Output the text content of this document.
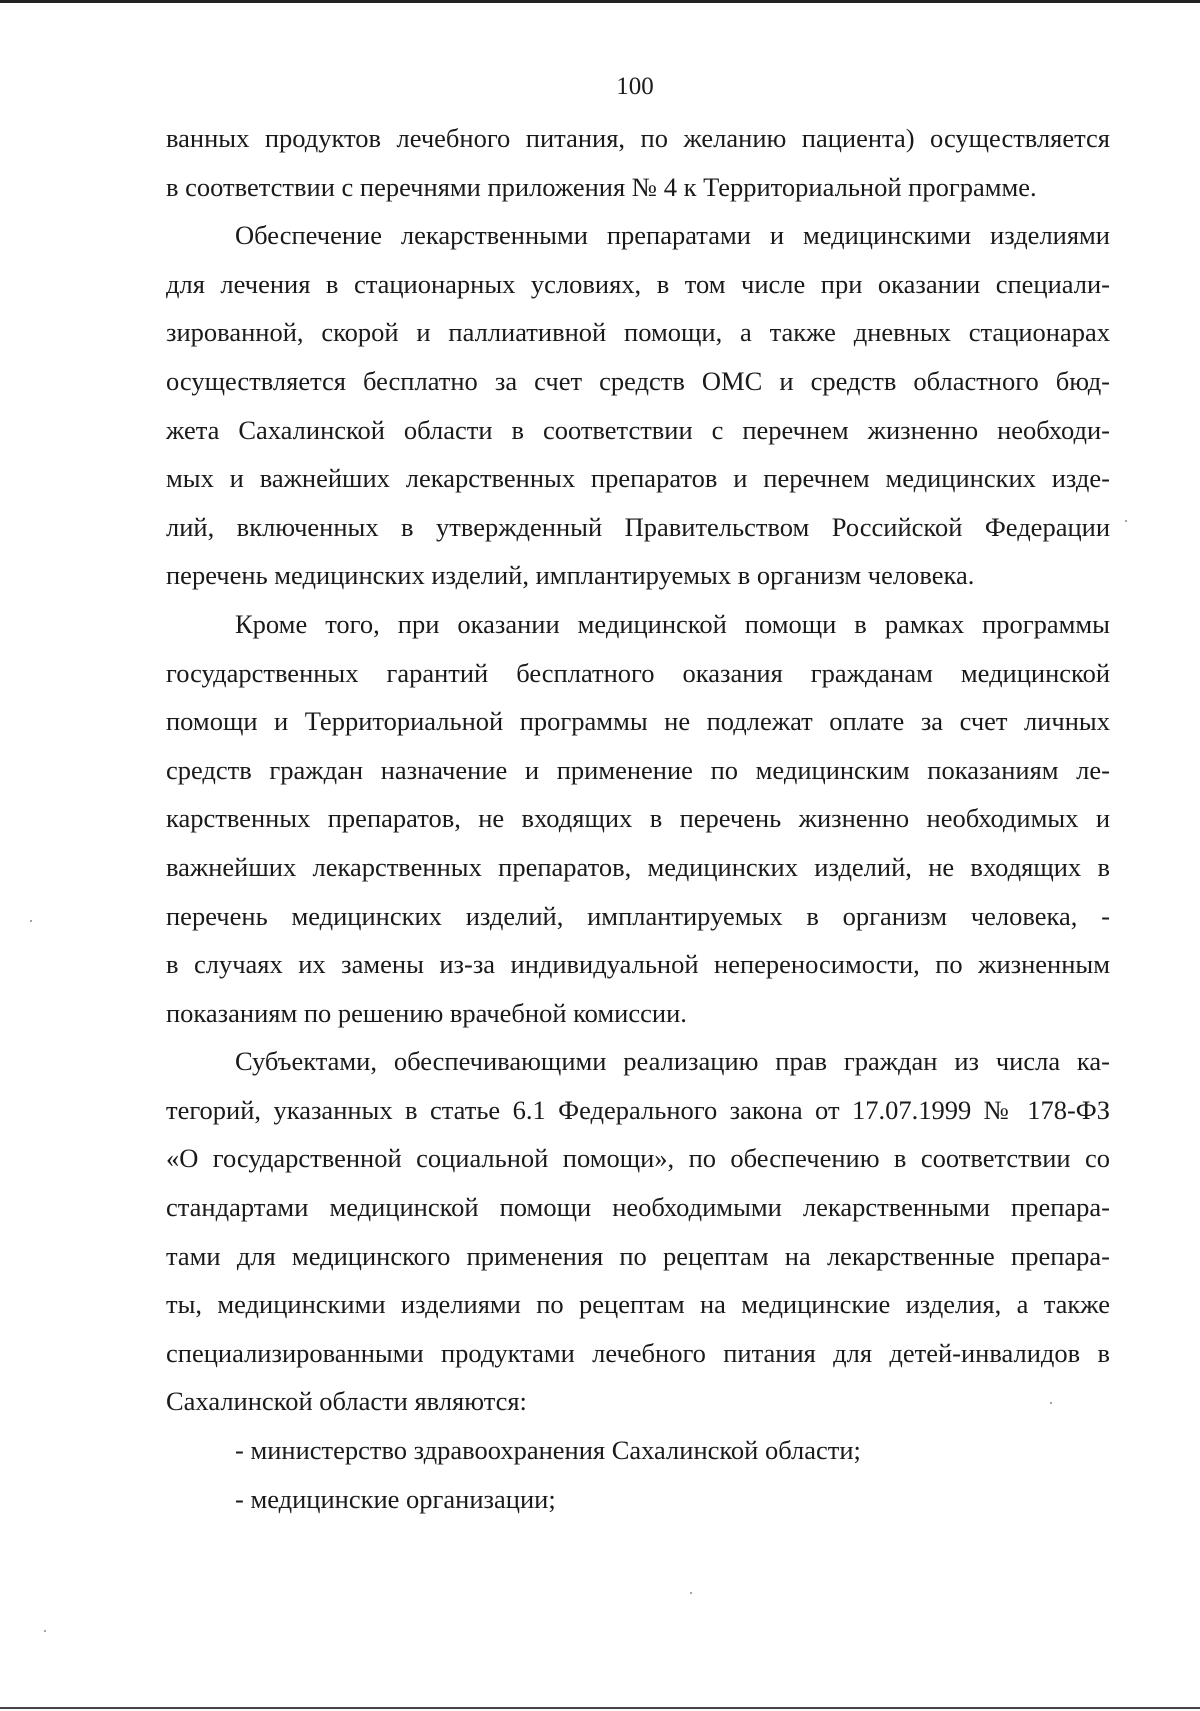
100
ванных продуктов лечебного питания, по желанию пациента) осуществляется
в соответствии с перечнями приложения № 4 к Территориальной программе.
Обеспечение лекарственными препаратами и медицинскими изделиями
для лечения в стационарных условиях, в том числе при оказании специали-
зированной, скорой и паллиативной помощи, а также дневных стационарах
осуществляется бесплатно за счет средств ОМС и средств областного бюд-
жета Сахалинской области в соответствии с перечнем жизненно необходи-
мых и важнейших лекарственных препаратов и перечнем медицинских изде-
лий, включенных в утвержденный Правительством Российской Федерации
перечень медицинских изделий, имплантируемых в организм человека.
Кроме того, при оказании медицинской помощи в рамках программы
государственных гарантий бесплатного оказания гражданам медицинской
помощи и Территориальной программы не подлежат оплате за счет личных
средств граждан назначение и применение по медицинским показаниям ле-
карственных препаратов, не входящих в перечень жизненно необходимых и
важнейших лекарственных препаратов, медицинских изделий, не входящих в
перечень медицинских изделий, имплантируемых в организм человека, -
в случаях их замены из-за индивидуальной непереносимости, по жизненным
показаниям по решению врачебной комиссии.
Субъектами, обеспечивающими реализацию прав граждан из числа ка-
тегорий, указанных в статье 6.1 Федерального закона от 17.07.1999 № 178-ФЗ
«О государственной социальной помощи», по обеспечению в соответствии со
стандартами медицинской помощи необходимыми лекарственными препара-
тами для медицинского применения по рецептам на лекарственные препара-
ты, медицинскими изделиями по рецептам на медицинские изделия, а также
специализированными продуктами лечебного питания для детей-инвалидов в
Сахалинской области являются:
- министерство здравоохранения Сахалинской области;
- медицинские организации;
